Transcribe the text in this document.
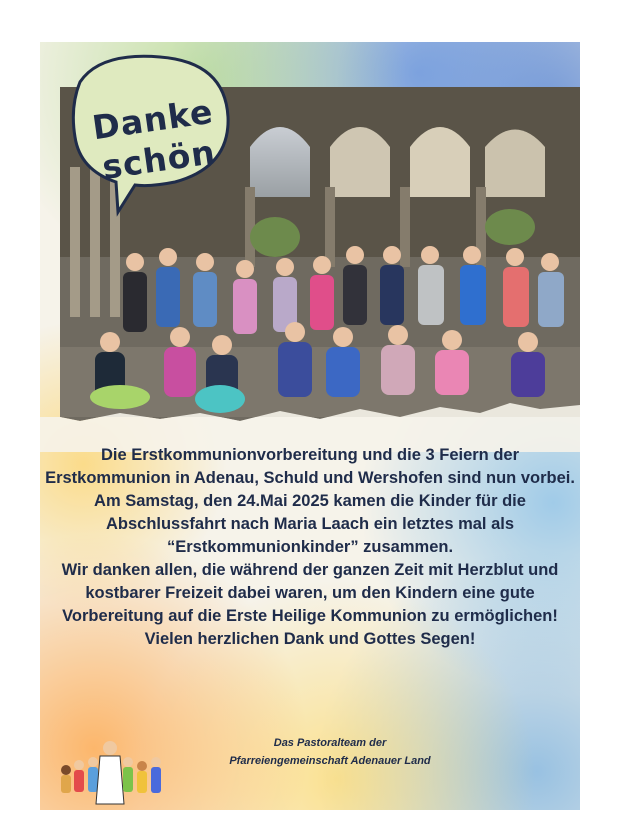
Danke
schön

Die Erstkommunionvorbereitung und die 3 Feiern der Erstkommunion in Adenau, Schuld und Wershofen sind nun vorbei.

Am Samstag, den 24.Mai 2025 kamen die Kinder für die Abschlussfahrt nach Maria Laach ein letztes mal als “Erstkommunionkinder” zusammen.

Wir danken allen, die während der ganzen Zeit mit Herzblut und kostbarer Freizeit dabei waren, um den Kindern eine gute Vorbereitung auf die Erste Heilige Kommunion zu ermöglichen!

Vielen herzlichen Dank und Gottes Segen!

Das Pastoralteam der

Pfarreiengemeinschaft Adenauer Land
